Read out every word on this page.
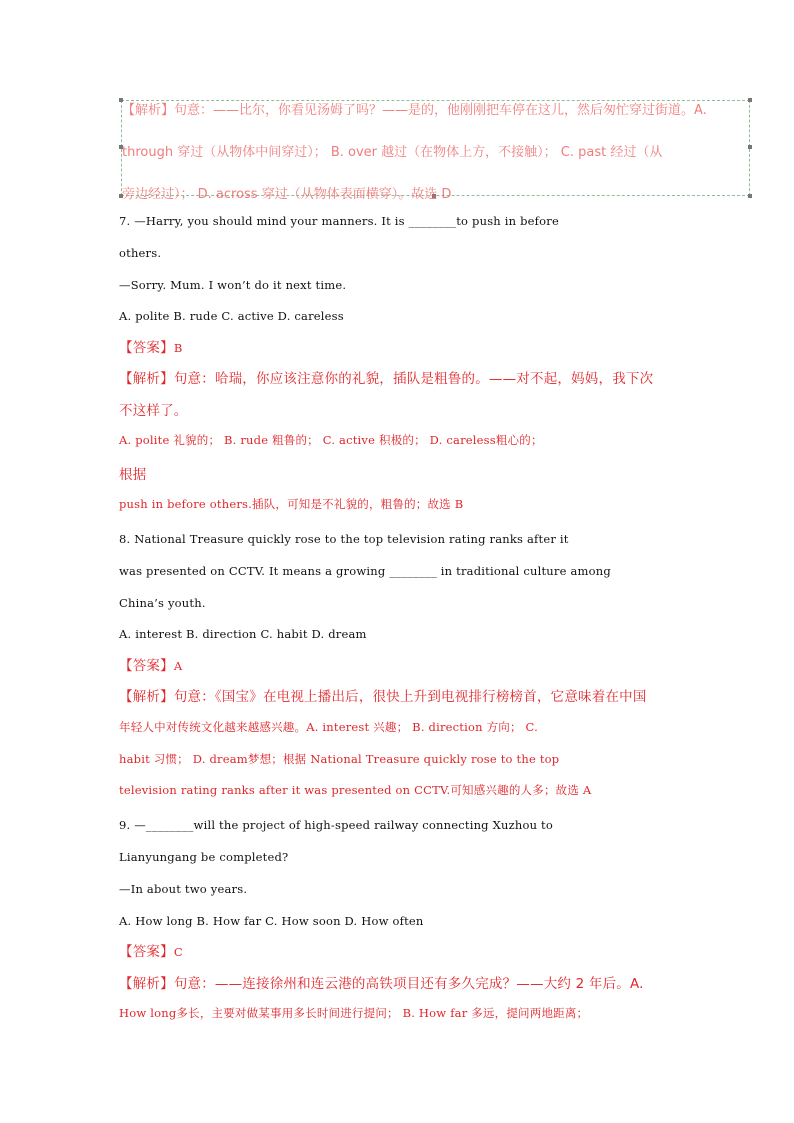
【解析】句意：——比尔，你看见汤姆了吗？——是的，他刚刚把车停在这儿，然后匆忙穿过街道。A.
through 穿过（从物体中间穿过）； B. over 越过（在物体上方，不接触）； C. past 经过（从
旁边经过）； D. across 穿过（从物体表面横穿）。故选 D
7. —Harry, you should mind your manners. It is ________to push in before
others.
—Sorry. Mum. I won’t do it next time.
A. polite B. rude C. active D. careless
【答案】B
【解析】句意：哈瑞，你应该注意你的礼貌，插队是粗鲁的。——对不起，妈妈，我下次
不这样了。
A. polite 礼貌的； B. rude 粗鲁的； C. active 积极的； D. careless粗心的；
根据
push in before others.插队，可知是不礼貌的，粗鲁的；故选 B
8. National Treasure quickly rose to the top television rating ranks after it
was presented on CCTV. It means a growing ________ in traditional culture among
China’s youth.
A. interest B. direction C. habit D. dream
【答案】A
【解析】句意：《国宝》在电视上播出后，很快上升到电视排行榜榜首，它意味着在中国
年轻人中对传统文化越来越感兴趣。A. interest 兴趣； B. direction 方向； C.
habit 习惯； D. dream梦想；根据 National Treasure quickly rose to the top
television rating ranks after it was presented on CCTV.可知感兴趣的人多；故选 A
9. —________will the project of high-speed railway connecting Xuzhou to
Lianyungang be completed?
—In about two years.
A. How long B. How far C. How soon D. How often
【答案】C
【解析】句意：——连接徐州和连云港的高铁项目还有多久完成？——大约 2 年后。A.
How long多长，主要对做某事用多长时间进行提问； B. How far 多远，提问两地距离；
